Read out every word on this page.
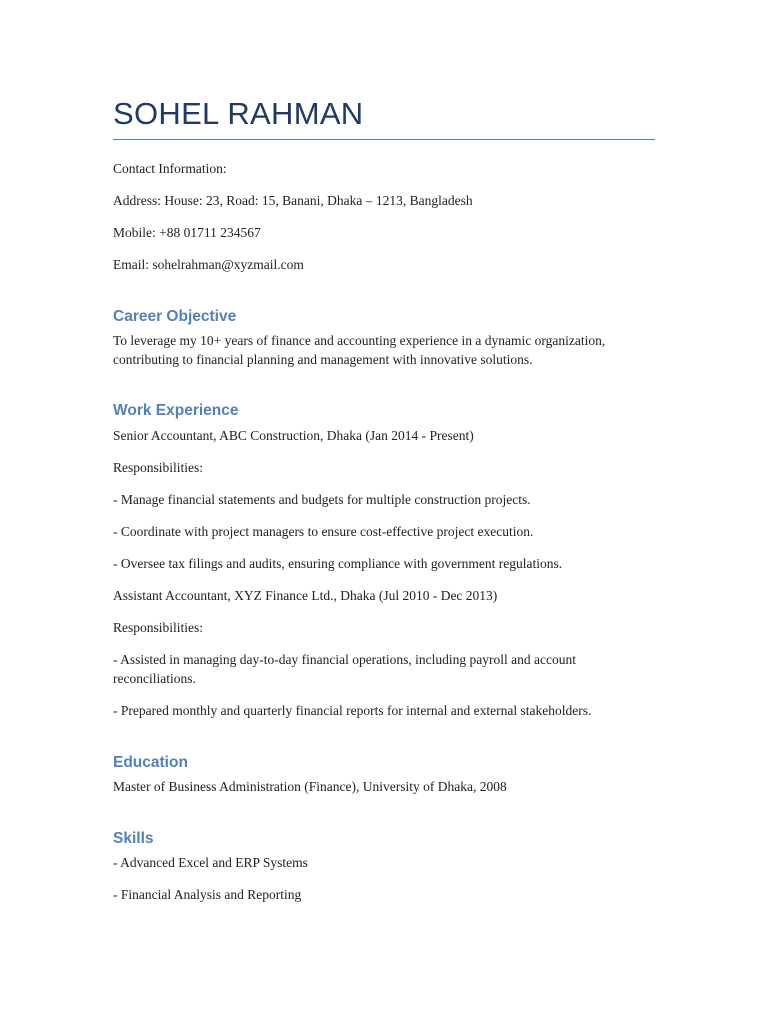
SOHEL RAHMAN

Contact Information:

Address: House: 23, Road: 15, Banani, Dhaka – 1213, Bangladesh

Mobile: +88 01711 234567

Email: sohelrahman@xyzmail.com

Career Objective

To leverage my 10+ years of finance and accounting experience in a dynamic organization, contributing to financial planning and management with innovative solutions.

Work Experience

Senior Accountant, ABC Construction, Dhaka (Jan 2014 - Present)

Responsibilities:

- Manage financial statements and budgets for multiple construction projects.

- Coordinate with project managers to ensure cost-effective project execution.

- Oversee tax filings and audits, ensuring compliance with government regulations.

Assistant Accountant, XYZ Finance Ltd., Dhaka (Jul 2010 - Dec 2013)

Responsibilities:

- Assisted in managing day-to-day financial operations, including payroll and account reconciliations.

- Prepared monthly and quarterly financial reports for internal and external stakeholders.

Education

Master of Business Administration (Finance), University of Dhaka, 2008

Skills

- Advanced Excel and ERP Systems

- Financial Analysis and Reporting
